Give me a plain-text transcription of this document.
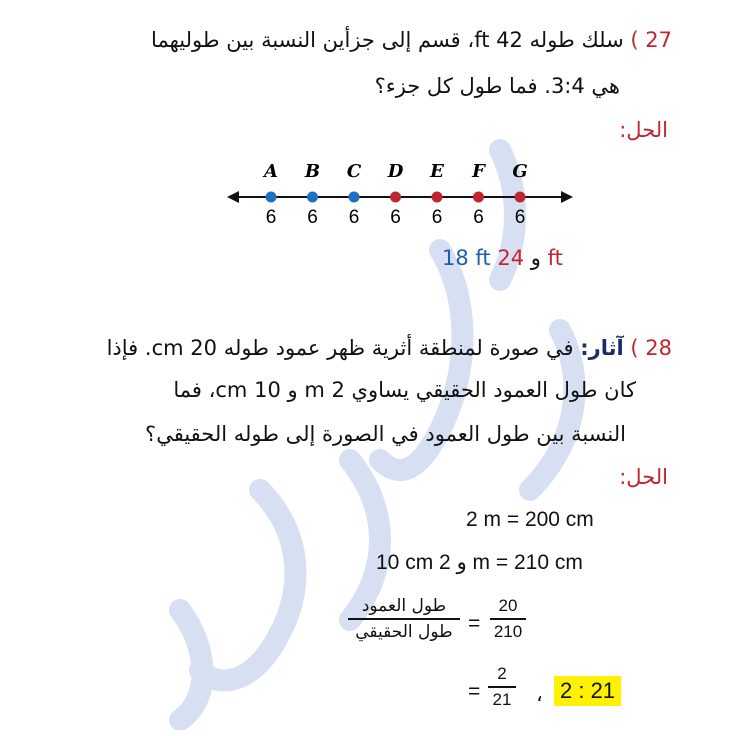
27 ) سلك طوله 42 ft، قسم إلى جزأين النسبة بين طوليهما
هي 3:4. فما طول كل جزء؟
الحل:
A
6
B
6
C
6
D
6
E
6
F
6
G
6
18 ft و 24 ft
28 ) آثار: في صورة لمنطقة أثرية ظهر عمود طوله 20 cm. فإذا
كان طول العمود الحقيقي يساوي 2 m و 10 cm، فما
النسبة بين طول العمود في الصورة إلى طوله الحقيقي؟
الحل:
2 m = 200 cm
10 cm و 2 m = 210 cm
طول العمود
طول الحقيقي =
20
210
=
2
21 ، 2 : 21
